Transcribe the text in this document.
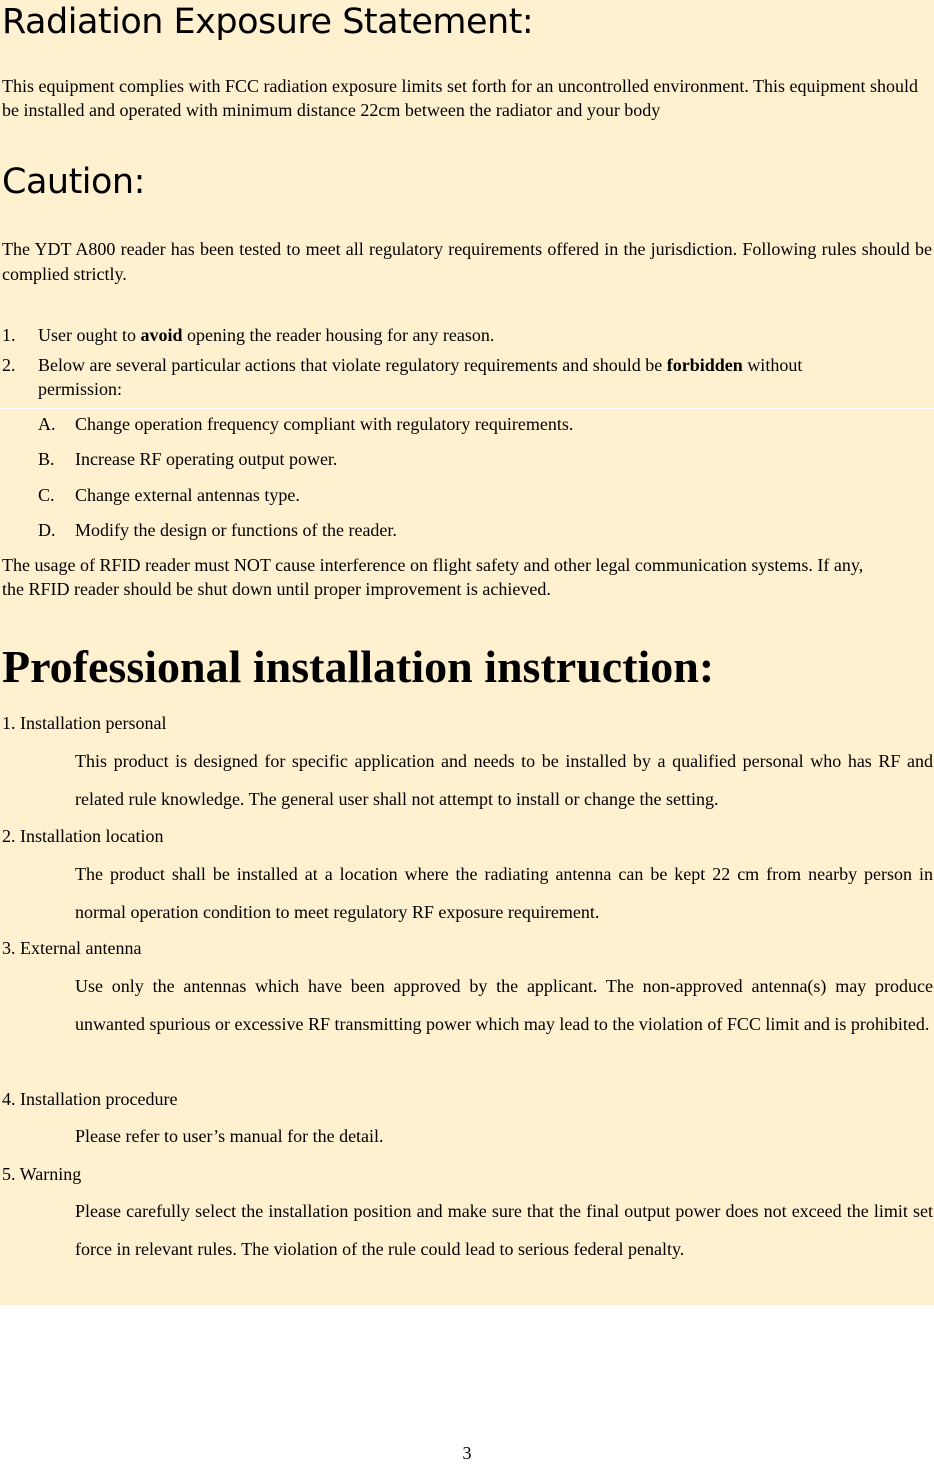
Radiation Exposure Statement:

This equipment complies with FCC radiation exposure limits set forth for an uncontrolled environment. This equipment should be installed and operated with minimum distance 22cm between the radiator and your body

Caution:

The YDT A800 reader has been tested to meet all regulatory requirements offered in the jurisdiction. Following rules should be complied strictly.

1. User ought to avoid opening the reader housing for any reason.
2. Below are several particular actions that violate regulatory requirements and should be forbidden without
permission:
A. Change operation frequency compliant with regulatory requirements.
B. Increase RF operating output power.
C. Change external antennas type.
D. Modify the design or functions of the reader.

The usage of RFID reader must NOT cause interference on flight safety and other legal communication systems. If any, the RFID reader should be shut down until proper improvement is achieved.

Professional installation instruction:
1. Installation personal

This product is designed for specific application and needs to be installed by a qualified personal who has RF and related rule knowledge. The general user shall not attempt to install or change the setting.

2. Installation location

The product shall be installed at a location where the radiating antenna can be kept 22 cm from nearby person in normal operation condition to meet regulatory RF exposure requirement.

3. External antenna

Use only the antennas which have been approved by the applicant. The non-approved antenna(s) may produce unwanted spurious or excessive RF transmitting power which may lead to the violation of FCC limit and is prohibited.

4. Installation procedure

Please refer to user’s manual for the detail.

5. Warning

Please carefully select the installation position and make sure that the final output power does not exceed the limit set force in relevant rules. The violation of the rule could lead to serious federal penalty.

3
